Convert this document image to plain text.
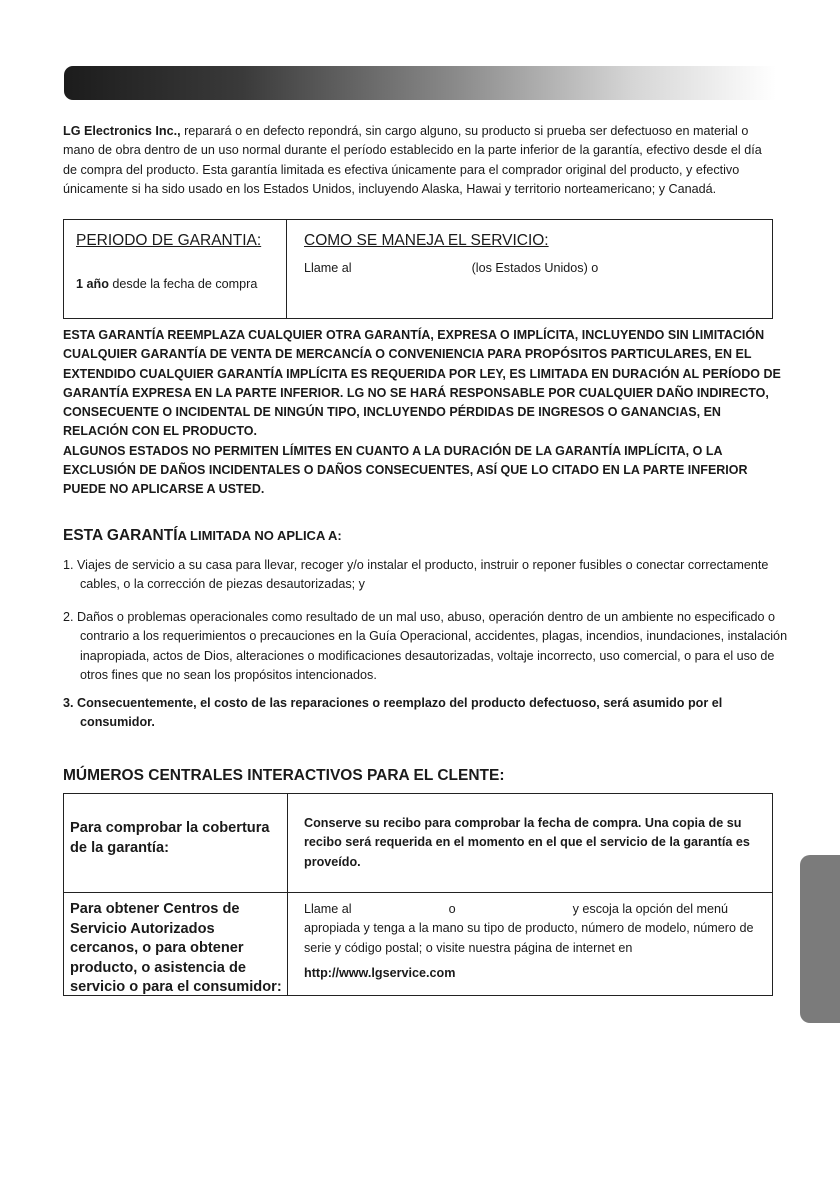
LG Electronics Inc., reparará o en defecto repondrá, sin cargo alguno, su producto si prueba ser defectuoso en material o mano de obra dentro de un uso normal durante el período establecido en la parte inferior de la garantía, efectivo desde el día de compra del producto. Esta garantía limitada es efectiva únicamente para el comprador original del producto, y efectivo únicamente si ha sido usado en los Estados Unidos, incluyendo Alaska, Hawai y territorio norteamericano; y Canadá.

PERIODO DE GARANTIA:
1 año desde la fecha de compra
COMO SE MANEJA EL SERVICIO:
Llame al	(los Estados Unidos) o

ESTA GARANTÍA REEMPLAZA CUALQUIER OTRA GARANTÍA, EXPRESA O IMPLÍCITA, INCLUYENDO SIN LIMITACIÓN CUALQUIER GARANTÍA DE VENTA DE MERCANCÍA O CONVENIENCIA PARA PROPÓSITOS PARTICULARES, EN EL EXTENDIDO CUALQUIER GARANTÍA IMPLÍCITA ES REQUERIDA POR LEY, ES LIMITADA EN DURACIÓN AL PERÍODO DE GARANTÍA EXPRESA EN LA PARTE INFERIOR. LG NO SE HARÁ RESPONSABLE POR CUALQUIER DAÑO INDIRECTO, CONSECUENTE O INCIDENTAL DE NINGÚN TIPO, INCLUYENDO PÉRDIDAS DE INGRESOS O GANANCIAS, EN RELACIÓN CON EL PRODUCTO.
ALGUNOS ESTADOS NO PERMITEN LÍMITES EN CUANTO A LA DURACIÓN DE LA GARANTÍA IMPLÍCITA, O LA EXCLUSIÓN DE DAÑOS INCIDENTALES O DAÑOS CONSECUENTES, ASÍ QUE LO CITADO EN LA PARTE INFERIOR PUEDE NO APLICARSE A USTED.

ESTA GARANTÍA LIMITADA NO APLICA A:

1. Viajes de servicio a su casa para llevar, recoger y/o instalar el producto, instruir o reponer fusibles o conectar correctamente cables, o la corrección de piezas desautorizadas; y

2. Daños o problemas operacionales como resultado de un mal uso, abuso, operación dentro de un ambiente no especificado o contrario a los requerimientos o precauciones en la Guía Operacional, accidentes, plagas, incendios, inundaciones, instalación inapropiada, actos de Dios, alteraciones o modificaciones desautorizadas, voltaje incorrecto, uso comercial, o para el uso de otros fines que no sean los propósitos intencionados.

3. Consecuentemente, el costo de las reparaciones o reemplazo del producto defectuoso, será asumido por el consumidor.

MÚMEROS CENTRALES INTERACTIVOS PARA EL CLENTE:
Para comprobar la cobertura de la garantía:
Conserve su recibo para comprobar la fecha de compra. Una copia de su recibo será requerida en el momento en el que el servicio de la garantía es proveído.
Para obtener Centros de Servicio Autorizados cercanos, o para obtener producto, o asistencia de servicio o para el consumidor:
Llame al	o	y escoja la opción del menú apropiada y tenga a la mano su tipo de producto, número de modelo, número de serie y código postal; o visite nuestra página de internet en
http://www.lgservice.com
